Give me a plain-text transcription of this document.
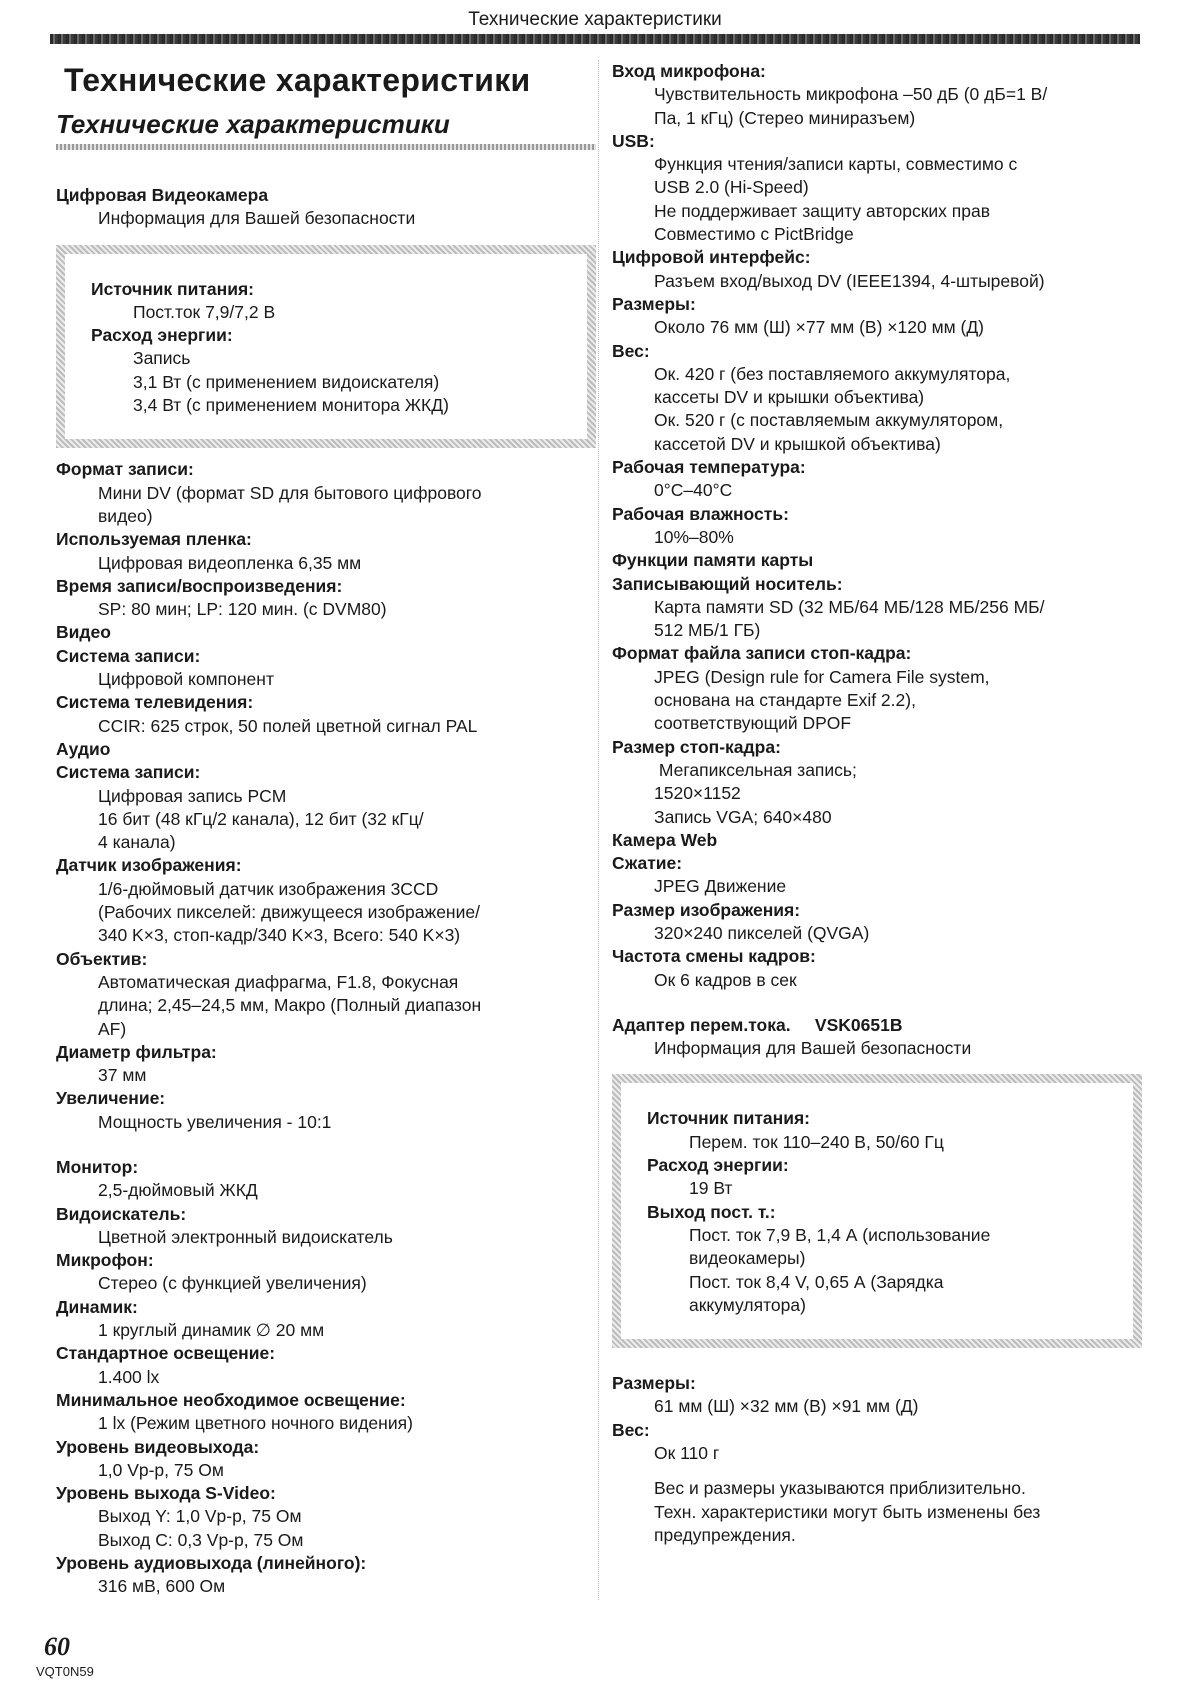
Технические характеристики
Технические характеристики
Технические характеристики
Цифровая Видеокамера
Информация для Вашей безопасности
Источник питания:
Пост.ток 7,9/7,2 В
Расход энергии:
Запись
3,1 Вт (с применением видоискателя)
3,4 Вт (с применением монитора ЖКД)
Формат записи:
Мини DV (формат SD для бытового цифрового
видео)
Используемая пленка:
Цифровая видеопленка 6,35 мм
Время записи/воспроизведения:
SP: 80 мин; LP: 120 мин. (с DVM80)
Видео
Система записи:
Цифровой компонент
Система телевидения:
CCIR: 625 строк, 50 полей цветной сигнал PAL
Аудио
Система записи:
Цифровая запись PCM
16 бит (48 кГц/2 канала), 12 бит (32 кГц/
4 канала)
Датчик изображения:
1/6-дюймовый датчик изображения 3CCD
(Рабочих пикселей: движущееся изображение/
340 K×3, стоп-кадр/340 K×3, Всего: 540 K×3)
Объектив:
Автоматическая диафрагма, F1.8, Фокусная
длина; 2,45–24,5 мм, Макро (Полный диапазон
AF)
Диаметр фильтра:
37 мм
Увеличение:
Мощность увеличения - 10:1
Монитор:
2,5-дюймовый ЖКД
Видоискатель:
Цветной электронный видоискатель
Микрофон:
Стерео (с функцией увеличения)
Динамик:
1 круглый динамик ∅ 20 мм
Стандартное освещение:
1.400 lx
Минимальное необходимое освещение:
1 lx (Режим цветного ночного видения)
Уровень видеовыхода:
1,0 Vp-p, 75 Ом
Уровень выхода S-Video:
Выход Y: 1,0 Vp-p, 75 Ом
Выход C: 0,3 Vp-p, 75 Ом
Уровень аудиовыхода (линейного):
316 мВ, 600 Ом
Вход микрофона:
Чувствительность микрофона –50 дБ (0 дБ=1 В/
Па, 1 кГц) (Стерео миниразъем)
USB:
Функция чтения/записи карты, совместимо с
USB 2.0 (Hi-Speed)
Не поддерживает защиту авторских прав
Совместимо с PictBridge
Цифровой интерфейс:
Разъем вход/выход DV (IEEE1394, 4-штыревой)
Размеры:
Около 76 мм (Ш) ×77 мм (В) ×120 мм (Д)
Вес:
Ок. 420 г (без поставляемого аккумулятора,
кассеты DV и крышки объектива)
Ок. 520 г (с поставляемым аккумулятором,
кассетой DV и крышкой объектива)
Рабочая температура:
0°C–40°C
Рабочая влажность:
10%–80%
Функции памяти карты
Записывающий носитель:
Карта памяти SD (32 МБ/64 МБ/128 МБ/256 МБ/
512 МБ/1 ГБ)
Формат файла записи стоп-кадра:
JPEG (Design rule for Camera File system,
основана на стандарте Exif 2.2),
соответствующий DPOF
Размер стоп-кадра:
Мегапиксельная запись;
1520×1152
Запись VGA; 640×480
Камера Web
Сжатие:
JPEG Движение
Размер изображения:
320×240 пикселей (QVGA)
Частота смены кадров:
Ок 6 кадров в сек
Адаптер перем.тока.     VSK0651B
Информация для Вашей безопасности
Источник питания:
Перем. ток 110–240 В, 50/60 Гц
Расход энергии:
19 Вт
Выход пост. т.:
Пост. ток 7,9 В, 1,4 А (использование
видеокамеры)
Пост. ток 8,4 V, 0,65 А (Зарядка
аккумулятора)
Размеры:
61 мм (Ш) ×32 мм (В) ×91 мм (Д)
Вес:
Ок 110 г
Вес и размеры указываются приблизительно.
Техн. характеристики могут быть изменены без
предупреждения.
60
VQT0N59
